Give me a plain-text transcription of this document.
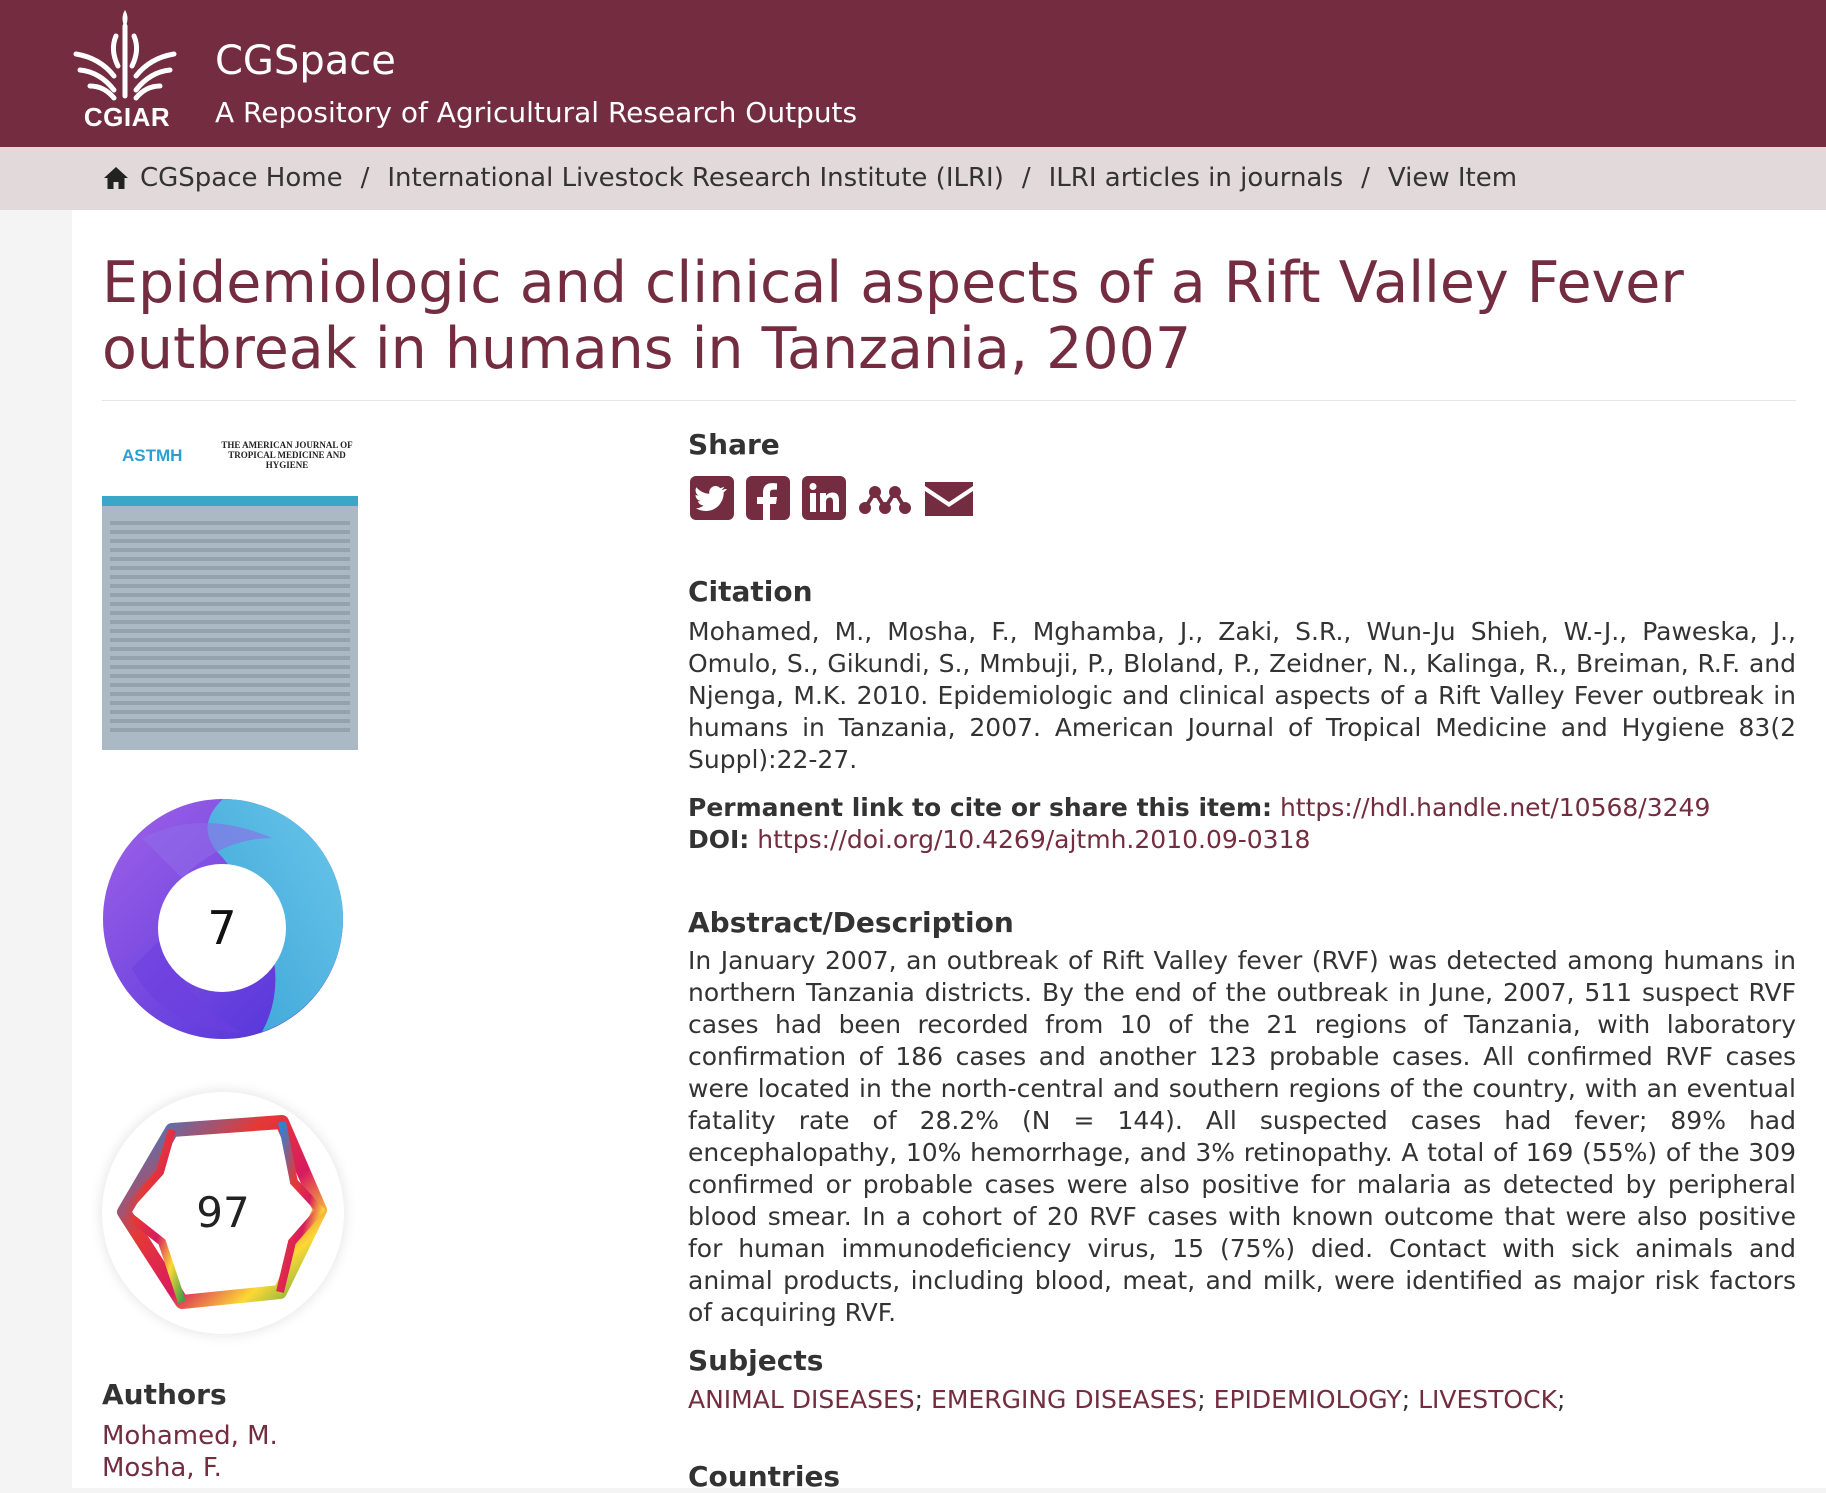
CGIAR
CGSpace
A Repository of Agricultural Research Outputs
CGSpace Home / International Livestock Research Institute (ILRI) / ILRI articles in journals / View Item
Epidemiologic and clinical aspects of a Rift Valley Fever outbreak in humans in Tanzania, 2007
ASTMH
THE AMERICAN JOURNAL OF TROPICAL MEDICINE AND HYGIENE
7
97
Authors
Mohamed, M.
Mosha, F.
Share
Citation
Mohamed, M., Mosha, F., Mghamba, J., Zaki, S.R., Wun-Ju Shieh, W.-J., Paweska, J., Omulo, S., Gikundi, S., Mmbuji, P., Bloland, P., Zeidner, N., Kalinga, R., Breiman, R.F. and Njenga, M.K. 2010. Epidemiologic and clinical aspects of a Rift Valley Fever outbreak in humans in Tanzania, 2007. American Journal of Tropical Medicine and Hygiene 83(2 Suppl):22-27.
Permanent link to cite or share this item: https://hdl.handle.net/10568/3249
DOI: https://doi.org/10.4269/ajtmh.2010.09-0318
Abstract/Description
In January 2007, an outbreak of Rift Valley fever (RVF) was detected among humans in northern Tanzania districts. By the end of the outbreak in June, 2007, 511 suspect RVF cases had been recorded from 10 of the 21 regions of Tanzania, with laboratory confirmation of 186 cases and another 123 probable cases. All confirmed RVF cases were located in the north-central and southern regions of the country, with an eventual fatality rate of 28.2% (N = 144). All suspected cases had fever; 89% had encephalopathy, 10% hemorrhage, and 3% retinopathy. A total of 169 (55%) of the 309 confirmed or probable cases were also positive for malaria as detected by peripheral blood smear. In a cohort of 20 RVF cases with known outcome that were also positive for human immunodeficiency virus, 15 (75%) died. Contact with sick animals and animal products, including blood, meat, and milk, were identified as major risk factors of acquiring RVF.
Subjects
ANIMAL DISEASES; EMERGING DISEASES; EPIDEMIOLOGY; LIVESTOCK;
Countries
